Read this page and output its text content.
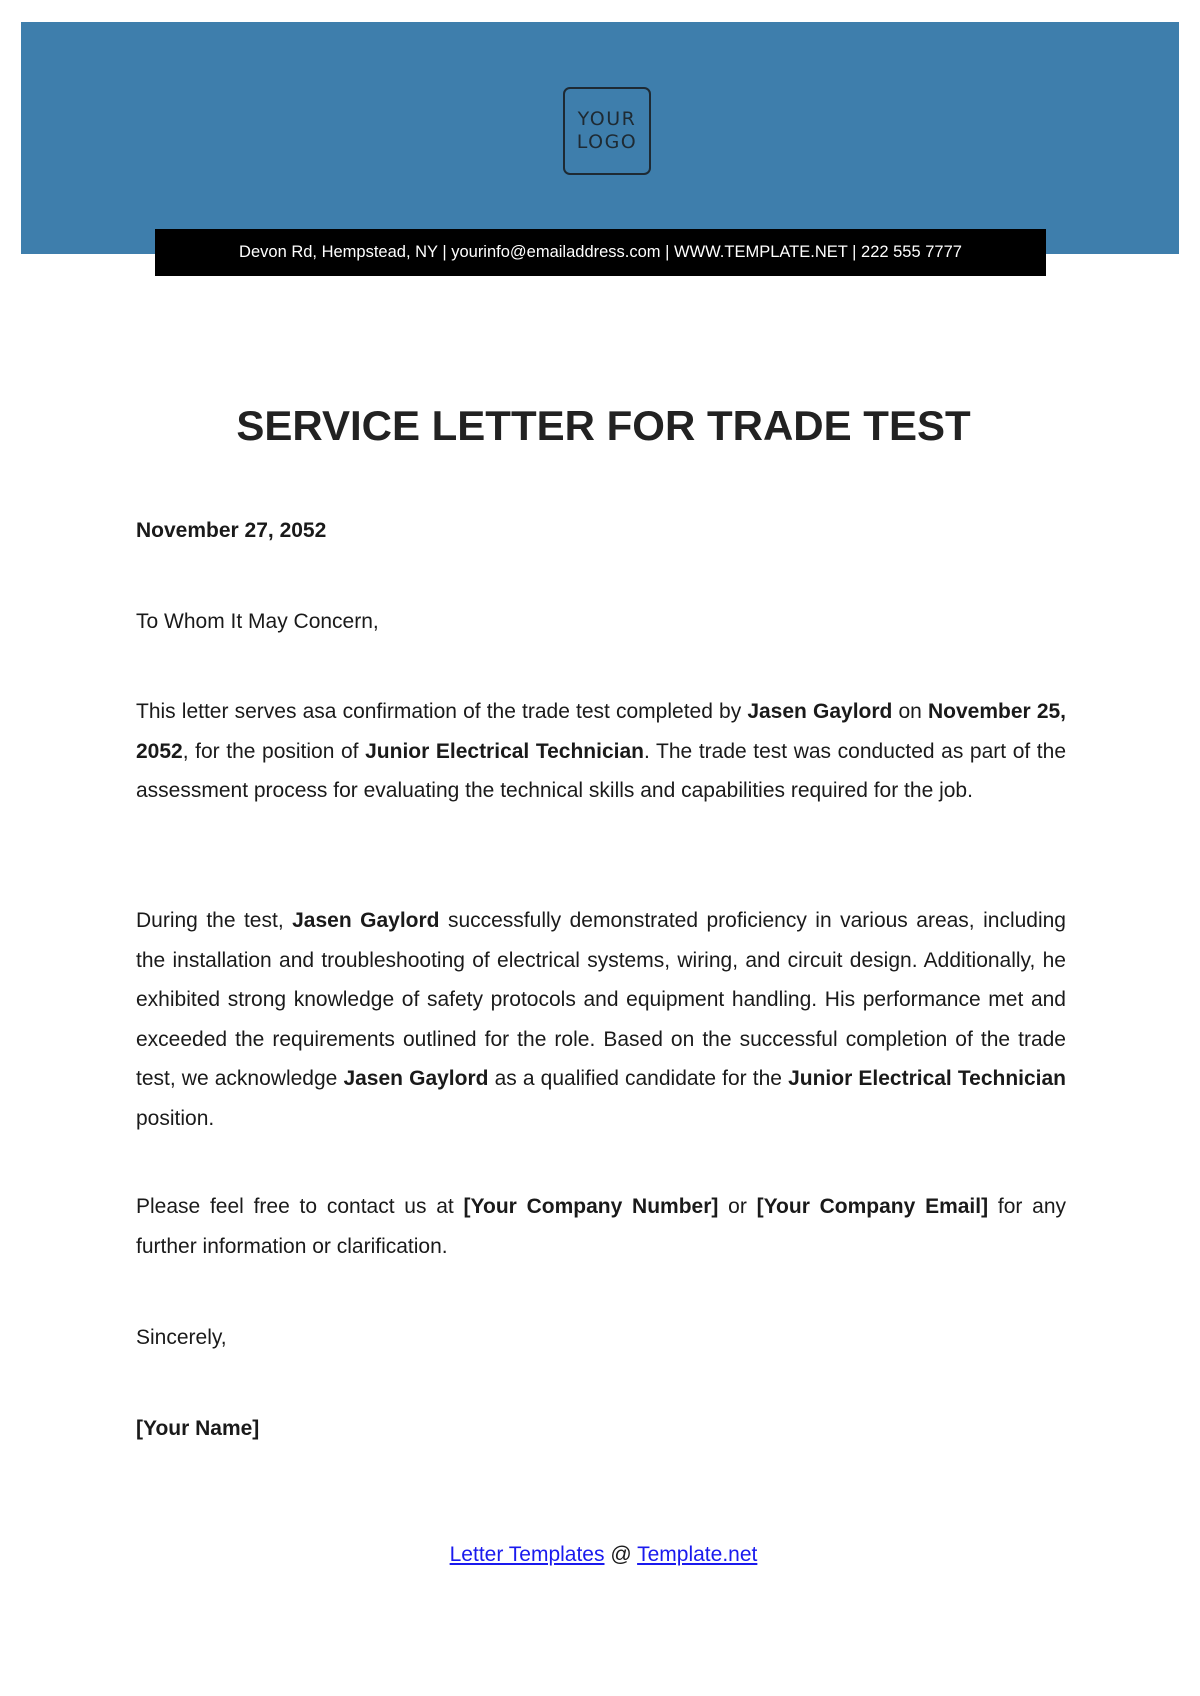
YOUR
LOGO
Devon Rd, Hempstead, NY | yourinfo@emailaddress.com | WWW.TEMPLATE.NET | 222 555 7777
SERVICE LETTER FOR TRADE TEST
November 27, 2052
To Whom It May Concern,
This letter serves asa confirmation of the trade test completed by Jasen Gaylord on November 25, 2052, for the position of Junior Electrical Technician. The trade test was conducted as part of the assessment process for evaluating the technical skills and capabilities required for the job.
During the test, Jasen Gaylord successfully demonstrated proficiency in various areas, including the installation and troubleshooting of electrical systems, wiring, and circuit design. Additionally, he exhibited strong knowledge of safety protocols and equipment handling. His performance met and exceeded the requirements outlined for the role. Based on the successful completion of the trade test, we acknowledge Jasen Gaylord as a qualified candidate for the Junior Electrical Technician position.
Please feel free to contact us at [Your Company Number] or [Your Company Email] for any further information or clarification.
Sincerely,
[Your Name]
Letter Templates @ Template.net
